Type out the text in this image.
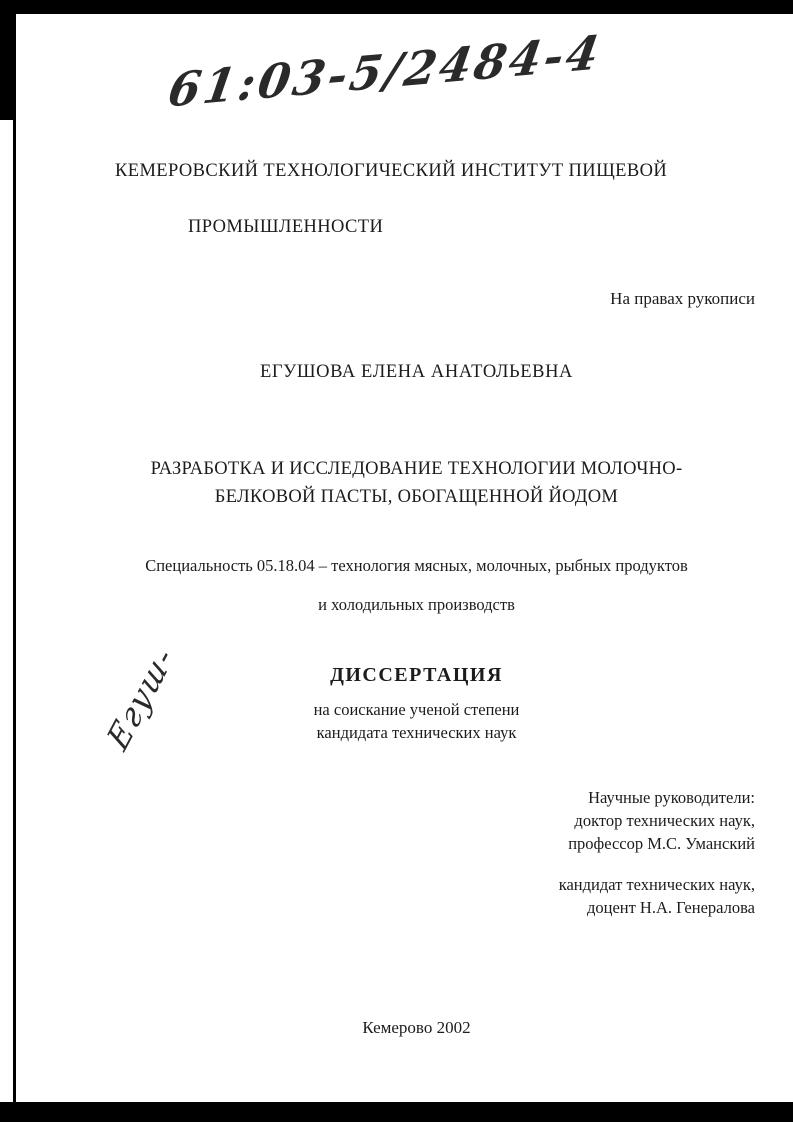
61:03-5/2484-4
КЕМЕРОВСКИЙ ТЕХНОЛОГИЧЕСКИЙ ИНСТИТУТ ПИЩЕВОЙ
ПРОМЫШЛЕННОСТИ
На правах рукописи
ЕГУШОВА ЕЛЕНА АНАТОЛЬЕВНА
РАЗРАБОТКА И ИССЛЕДОВАНИЕ ТЕХНОЛОГИИ МОЛОЧНО-
БЕЛКОВОЙ ПАСТЫ, ОБОГАЩЕННОЙ ЙОДОМ
Специальность 05.18.04 – технология мясных, молочных, рыбных продуктов
и холодильных производств
Егуш-	ДИССЕРТАЦИЯ
на соискание ученой степени
кандидата технических наук
Научные руководители:
доктор технических наук,
профессор М.С. Уманский
кандидат технических наук,
доцент Н.А. Генералова
Кемерово 2002
